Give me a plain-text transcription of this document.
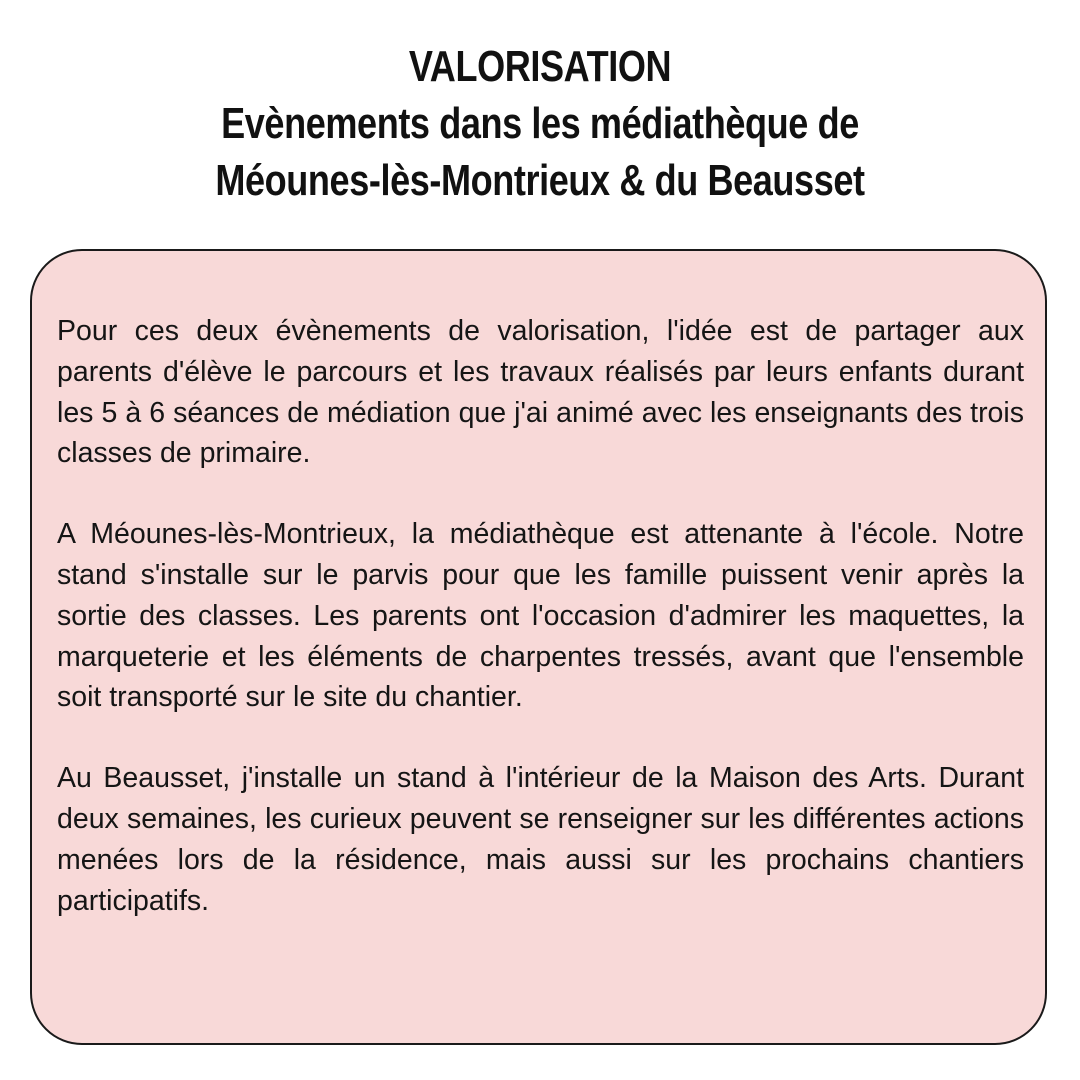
VALORISATION
Evènements dans les médiathèque de
Méounes-lès-Montrieux & du Beausset

Pour ces deux évènements de valorisation, l'idée est de partager aux parents d'élève le parcours et les travaux réalisés par leurs enfants durant les 5 à 6 séances de médiation que j'ai animé avec les enseignants des trois classes de primaire.

A Méounes-lès-Montrieux, la médiathèque est attenante à l'école. Notre stand s'installe sur le parvis pour que les famille puissent venir après la sortie des classes. Les parents ont l'occasion d'admirer les maquettes, la marqueterie et les éléments de charpentes tressés, avant que l'ensemble soit transporté sur le site du chantier.

Au Beausset, j'installe un stand à l'intérieur de la Maison des Arts. Durant deux semaines, les curieux peuvent se renseigner sur les différentes actions menées lors de la résidence, mais aussi sur les prochains chantiers participatifs.
